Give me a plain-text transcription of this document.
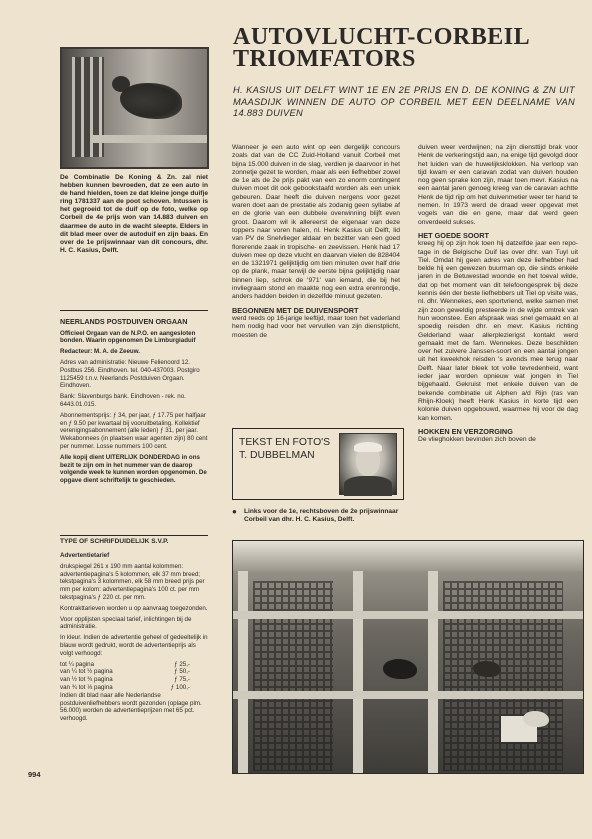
De Combinatie De Koning & Zn. zal niet hebben kunnen bevroeden, dat ze een auto in de hand hielden, toen ze dat kleine jonge duifje ring 1781337 aan de poot schoven. Intussen is het gegroeid tot de duif op de foto, welke op Corbeil de 4e prijs won van 14.883 duiven en daarmee de auto in de wacht sleepte. Elders in dit blad meer over de autoduif en zijn baas. En over de 1e prijswinnaar van dit concours, dhr. H. C. Kasius, Delft.

NEERLANDS POSTDUIVEN ORGAAN

Officieel Orgaan van de N.P.O. en aangesloten bonden. Waarin opgenomen De Limburgiaduif

Redacteur: M. A. de Zeeuw.

Adres van administratie: Nieuwe Felienoord 12. Postbus 256. Eindhoven. tel. 040-437003. Postgiro 1125459 t.n.v. Neerlands Postduiven Orgaan. Eindhoven.

Bank: Slavenburgs bank. Eindhoven - rek. no. 6443.01.015.

Abonnementsprijs: ƒ 34, per jaar, ƒ 17.75 per halfjaar en ƒ 9.50 per kwartaal bij vooruitbetaling. Kollektief verenigingsabonnement (alle leden) ƒ 31, per jaar. Wekabonnees (in plaatsen waar agenten zijn) 80 cent per nummer. Losse nummers 100 cent.

Alle kopij dient UITERLIJK DONDERDAG in ons bezit te zijn om in het nummer van de daarop volgende week te kunnen worden opgenomen. De opgave dient schriftelijk te geschieden.

TYPE OF SCHRIFDUIDELIJK S.V.P.

Advertentietarief

drukspiegel 261 x 190 mm aantal kolommen: advertentiepagina's 5 kolommen, elk 37 mm breed; tekstpagina's 3 kolommen, elk 58 mm breed prijs per mm per kolom: advertentiepagina's 100 ct. per mm tekstpagina's ƒ 220 ct. per mm.

Kontrakttarieven worden u op aanvraag toegezonden.

Voor opplijsten speciaal tarief, inlichtingen bij de administratie.

In kleur. Indien de advertentie geheel of gedeeltelijk in blauw wordt gedrukt, wordt de advertentieprijs als volgt verhoogd:

tot ¼ pagina	ƒ 25,-
van ¼ tot ½ pagina	ƒ 50,-
van ½ tot ¾ pagina	ƒ 75,-
van ¾ tot ⅓ pagina	ƒ 100,-

Indien dit blad naar alle Nederlandse postduivenliefhebbers wordt gezonden (oplage plm. 56.000) worden de advertentieprijzen met 65 pct. verhoogd.

994
AUTOVLUCHT-CORBEIL TRIOMFATORS
H. KASIUS UIT DELFT WINT 1E EN 2E PRIJS EN D. DE KONING & ZN UIT MAASDIJK WINNEN DE AUTO OP CORBEIL MET EEN DEELNAME VAN 14.883 DUIVEN

Wanneer je een auto wint op een dergelijk concours zoals dat van de CC Zuid-Holland vanuit Corbeil met bijna 15.000 duiven in de slag, verdien je daarvoor in het zonnetje gezet te worden, maar als een liefhebber zowel de 1e als de 2e prijs pakt van een zo enorm contingent duiven moet dit ook gebookstaafd worden als een uniek gebeuren. Daar heeft die duiven nergens voor gezet waren doet aan de prestatie als zodanig geen syllabe af en de glorie van een dubbele overwinning blijft even groot. Daarom wil ik allereerst de eigenaar van deze toppers naar voren halen, nl. Henk Kasius uit Delft, lid van PV de Snelvlieger aldaar en bezitter van een goed florerende zaak in tropische- en zeevissen. Henk had 17 duiven mee op deze vlucht en daarvan vielen de 828404 en de 1321971 gelijktijdig om tien minuten over half drie op de plank, maar terwijl de eerste bijna gelijktijdig naar binnen liep, schrok de '971' van iemand, die bij het invliegraam stond en maakte nog een extra erenrondje, anders hadden beiden in dezelfde minuut gezeten.

BEGONNEN MET DE DUIVENSPORT

werd reeds op 16-jarige leeftijd, maar toen het vaderland hem nodig had voor het vervullen van zijn dienstplicht, moesten de

duiven weer verdwijnen; na zijn diensttijd brak voor Henk de verkeringstijd aan, na enige tijd gevolgd door het luiden van de huwelijksklokken. Na verloop van tijd kwam er een caravan zodat van duiven houden nog geen sprake kon zijn, maar toen mevr. Kasius na een aantal jaren genoeg kreeg van de caravan achtte Henk de tijd rijp om het duivenmetier weer ter hand te nemen. In 1973 werd de draad weer opgevat met vogels van die en gene, maar dat werd geen onverdeeld sukses.

HET GOEDE SOORT

kreeg hij op zijn hok toen hij datzelfde jaar een repo-tage in de Belgische Duif las over dhr. van Tuyl uit Tiel. Omdat hij geen adres van deze liefhebber had belde hij een gewezen buurman op, die sinds enkele jaren in de Betuwestad woonde en het toeval wilde, dat op het moment van dit telefoongesprek bij deze kennis één der beste liefhebbers uit Tiel op visite was, nl. dhr. Wennekes, een sportvriend, welke samen met zijn zoon geweldig presteerde in de wijde omtrek van hun woonstee. Een afspraak was snel gemaakt en al spoedig reisden dhr. en mevr. Kasius richting Gelderland waar allerplezierigst kontakt werd gemaakt met de fam. Wennekes. Deze beschikten over het zuivere Janssen-soort en een aantal jongen uit het kweekhok reisden 's avonds mee terug naar Delft. Naar later bleek tot volle tevredenheid, want ieder jaar worden opnieuw wat jongen in Tiel bijgehaald. Gekruist met enkele duiven van de bekende combinatie uit Alphen a/d Rijn (ras van Rhijn-Kloek) heeft Henk Kasius in korte tijd een kolonie duiven opgebouwd, waarmee hij voor de dag kan komen.

HOKKEN EN VERZORGING

De vlieghokken bevinden zich boven de

TEKST EN FOTO'S T. DUBBELMAN
● Links voor de 1e, rechtsboven de 2e prijswinnaar Corbeil van dhr. H. C. Kasius, Delft.
